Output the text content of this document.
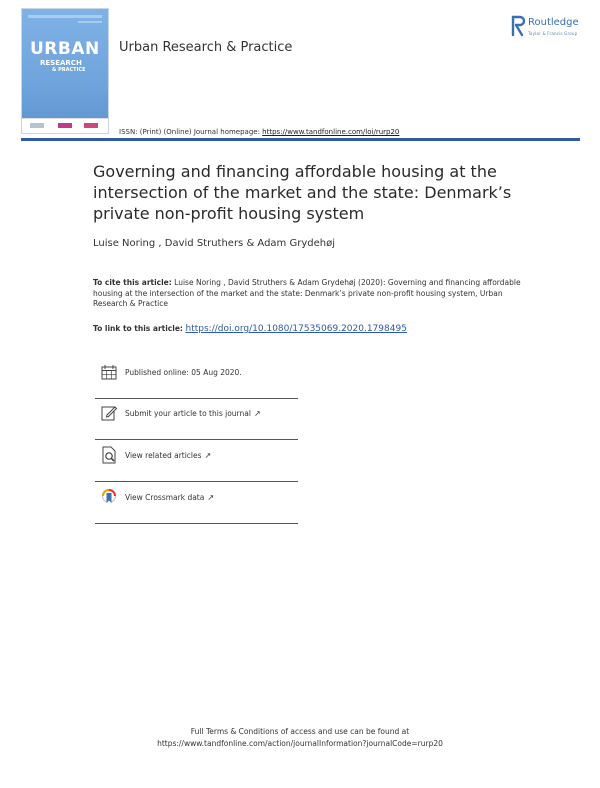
URBAN
RESEARCH
& PRACTICE
Urban Research & Practice
Routledge
Taylor & Francis Group
ISSN: (Print) (Online) Journal homepage: https://www.tandfonline.com/loi/rurp20
Governing and financing affordable housing at the intersection of the market and the state: Denmark’s private non-profit housing system
Luise Noring , David Struthers & Adam Grydehøj
To cite this article: Luise Noring , David Struthers & Adam Grydehøj (2020): Governing and financing affordable housing at the intersection of the market and the state: Denmark’s private non-profit housing system, Urban Research & Practice
To link to this article: https://doi.org/10.1080/17535069.2020.1798495
Published online: 05 Aug 2020.
Submit your article to this journal ↗
View related articles ↗
View Crossmark data ↗
Full Terms & Conditions of access and use can be found at
https://www.tandfonline.com/action/journalInformation?journalCode=rurp20
